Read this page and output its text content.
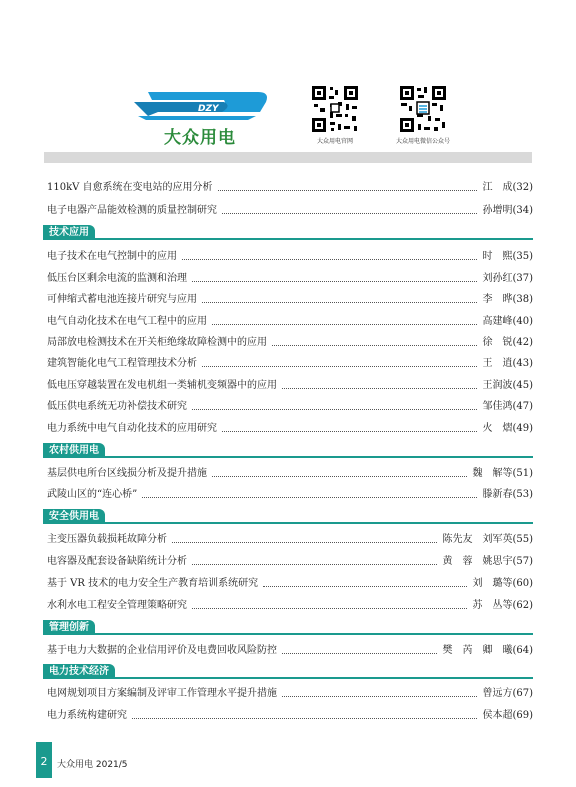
DZY
大众用电	大众用电官网	大众用电微信公众号
110kV 自愈系统在变电站的应用分析	江　成(32)
电子电器产品能效检测的质量控制研究	孙增明(34)
技术应用
电子技术在电气控制中的应用	时　熙(35)
低压台区剩余电流的监测和治理	刘孙红(37)
可伸缩式蓄电池连接片研究与应用	李　晔(38)
电气自动化技术在电气工程中的应用	高建峰(40)
局部放电检测技术在开关柜绝缘故障检测中的应用	徐　锐(42)
建筑智能化电气工程管理技术分析	王　逍(43)
低电压穿越装置在发电机组一类辅机变频器中的应用	王润波(45)
低压供电系统无功补偿技术研究	邹佳鸿(47)
电力系统中电气自动化技术的应用研究	火　熠(49)
农村供用电
基层供电所台区线损分析及提升措施	魏　解等(51)
武陵山区的“连心桥”	滕新春(53)
安全供用电
主变压器负载损耗故障分析	陈先友　刘军英(55)
电容器及配套设备缺陷统计分析	黄　蓉　姚思宇(57)
基于 VR 技术的电力安全生产教育培训系统研究	刘　璐等(60)
水利水电工程安全管理策略研究	苏　丛等(62)
管理创新
基于电力大数据的企业信用评价及电费回收风险防控	樊　芮　卿　曦(64)
电力技术经济
电网规划项目方案编制及评审工作管理水平提升措施	曾远方(67)
电力系统构建研究	侯本超(69)
2	大众用电 2021/5
